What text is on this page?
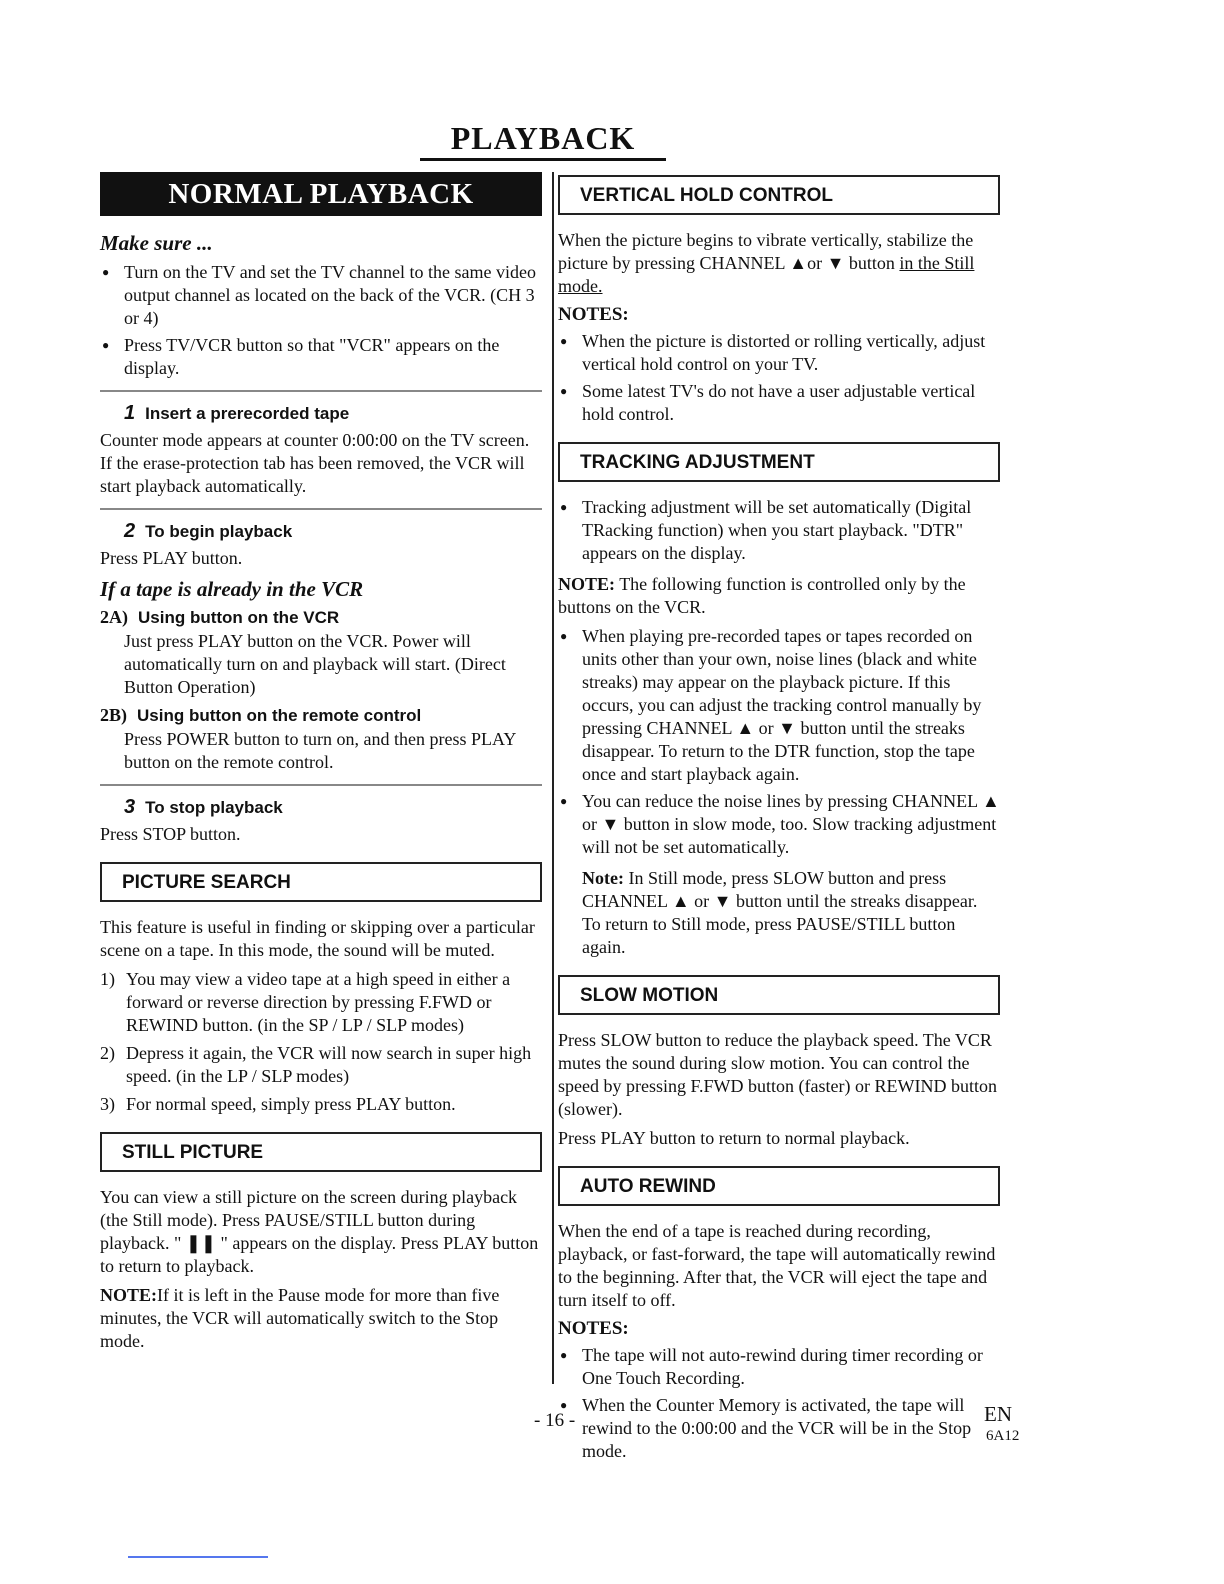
PLAYBACK
NORMAL PLAYBACK
Make sure ...
● Turn on the TV and set the TV channel to the same video output channel as located on the back of the VCR. (CH 3 or 4)
● Press TV/VCR button so that "VCR" appears on the display.
1 Insert a prerecorded tape

Counter mode appears at counter 0:00:00 on the TV screen. If the erase-protection tab has been removed, the VCR will start playback automatically.

2 To begin playback

Press PLAY button.

If a tape is already in the VCR
2A) Using button on the VCR

Just press PLAY button on the VCR. Power will automatically turn on and playback will start. (Direct Button Operation)

2B) Using button on the remote control

Press POWER button to turn on, and then press PLAY button on the remote control.

3 To stop playback

Press STOP button.

PICTURE SEARCH

This feature is useful in finding or skipping over a particular scene on a tape. In this mode, the sound will be muted.

1) You may view a video tape at a high speed in either a forward or reverse direction by pressing F.FWD or REWIND button. (in the SP / LP / SLP modes)
2) Depress it again, the VCR will now search in super high speed. (in the LP / SLP modes)
3) For normal speed, simply press PLAY button.
STILL PICTURE

You can view a still picture on the screen during playback (the Still mode). Press PAUSE/STILL button during playback. " ❚❚ " appears on the display. Press PLAY button to return to playback.

NOTE:If it is left in the Pause mode for more than five minutes, the VCR will automatically switch to the Stop mode.

VERTICAL HOLD CONTROL

When the picture begins to vibrate vertically, stabilize the picture by pressing CHANNEL ▲or ▼ button in the Still mode.

NOTES:
● When the picture is distorted or rolling vertically, adjust vertical hold control on your TV.
● Some latest TV's do not have a user adjustable vertical hold control.
TRACKING ADJUSTMENT
● Tracking adjustment will be set automatically (Digital TRacking function) when you start playback. "DTR" appears on the display.

NOTE: The following function is controlled only by the buttons on the VCR.

● When playing pre-recorded tapes or tapes recorded on units other than your own, noise lines (black and white streaks) may appear on the playback picture. If this occurs, you can adjust the tracking control manually by pressing CHANNEL ▲ or ▼ button until the streaks disappear. To return to the DTR function, stop the tape once and start playback again.
● You can reduce the noise lines by pressing CHANNEL ▲ or ▼ button in slow mode, too. Slow tracking adjustment will not be set automatically.

Note: In Still mode, press SLOW button and press CHANNEL ▲ or ▼ button until the streaks disappear. To return to Still mode, press PAUSE/STILL button again.

SLOW MOTION

Press SLOW button to reduce the playback speed. The VCR mutes the sound during slow motion. You can control the speed by pressing F.FWD button (faster) or REWIND button (slower).

Press PLAY button to return to normal playback.

AUTO REWIND

When the end of a tape is reached during recording, playback, or fast-forward, the tape will automatically rewind to the beginning. After that, the VCR will eject the tape and turn itself to off.

NOTES:
● The tape will not auto-rewind during timer recording or One Touch Recording.
● When the Counter Memory is activated, the tape will rewind to the 0:00:00 and the VCR will be in the Stop mode.
- 16 -	EN
6A12
